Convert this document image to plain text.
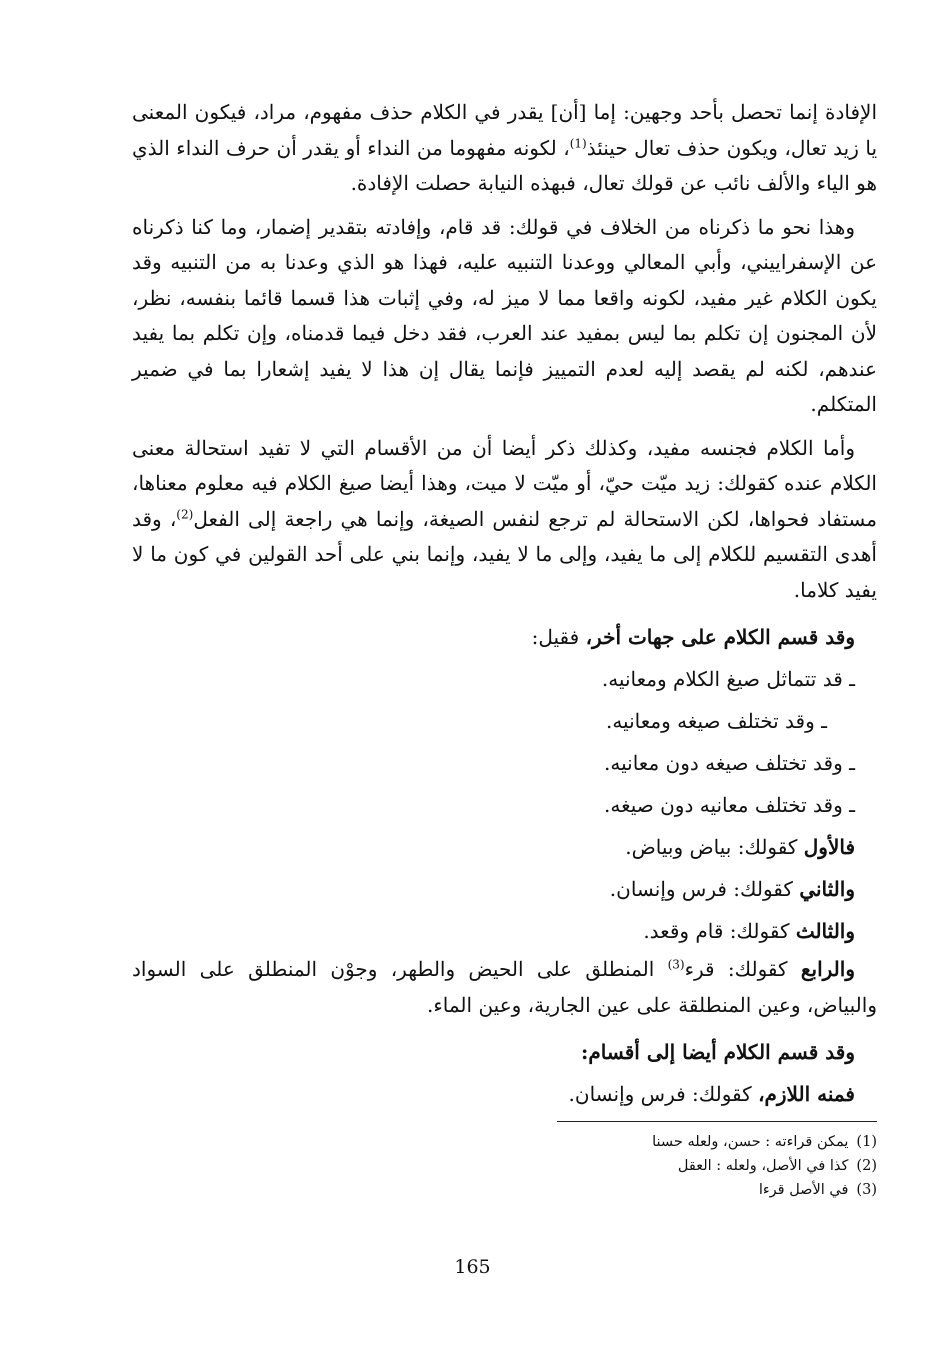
الإفادة إنما تحصل بأحد وجهين: إما [أن] يقدر في الكلام حذف مفهوم، مراد، فيكون المعنى يا زيد تعال، ويكون حذف تعال حينئذ$^{(1)}$، لكونه مفهوما من النداء أو يقدر أن حرف النداء الذي هو الياء والألف نائب عن قولك تعال، فبهذه النيابة حصلت الإفادة.

وهذا نحو ما ذكرناه من الخلاف في قولك: قد قام، وإفادته بتقدير إضمار، وما كنا ذكرناه عن الإسفراييني، وأبي المعالي ووعدنا التنبيه عليه، فهذا هو الذي وعدنا به من التنبيه وقد يكون الكلام غير مفيد، لكونه واقعا مما لا ميز له، وفي إثبات هذا قسما قائما بنفسه، نظر، لأن المجنون إن تكلم بما ليس بمفيد عند العرب، فقد دخل فيما قدمناه، وإن تكلم بما يفيد عندهم، لكنه لم يقصد إليه لعدم التمييز فإنما يقال إن هذا لا يفيد إشعارا بما في ضمير المتكلم.

وأما الكلام فجنسه مفيد، وكذلك ذكر أيضا أن من الأقسام التي لا تفيد استحالة معنى الكلام عنده كقولك: زيد ميّت حيّ، أو ميّت لا ميت، وهذا أيضا صيغ الكلام فيه معلوم معناها، مستفاد فحواها، لكن الاستحالة لم ترجع لنفس الصيغة، وإنما هي راجعة إلى الفعل$^{(2)}$، وقد أهدى التقسيم للكلام إلى ما يفيد، وإلى ما لا يفيد، وإنما بني على أحد القولين في كون ما لا يفيد كلاما.

وقد قسم الكلام على جهات أخر، فقيل:
ـ قد تتماثل صيغ الكلام ومعانيه.
ـ وقد تختلف صيغه ومعانيه.
ـ وقد تختلف صيغه دون معانيه.
ـ وقد تختلف معانيه دون صيغه.
فالأول كقولك: بياض وبياض.
والثاني كقولك: فرس وإنسان.
والثالث كقولك: قام وقعد.

والرابع كقولك: قرء$^{(3)}$ المنطلق على الحيض والطهر، وجوْن المنطلق على السواد والبياض، وعين المنطلقة على عين الجارية، وعين الماء.

وقد قسم الكلام أيضا إلى أقسام:
فمنه اللازم، كقولك: فرس وإنسان.
(1)يمكن قراءته : حسن، ولعله حسنا
(2)كذا في الأصل، ولعله : العقل
(3)في الأصل قرءا
165
